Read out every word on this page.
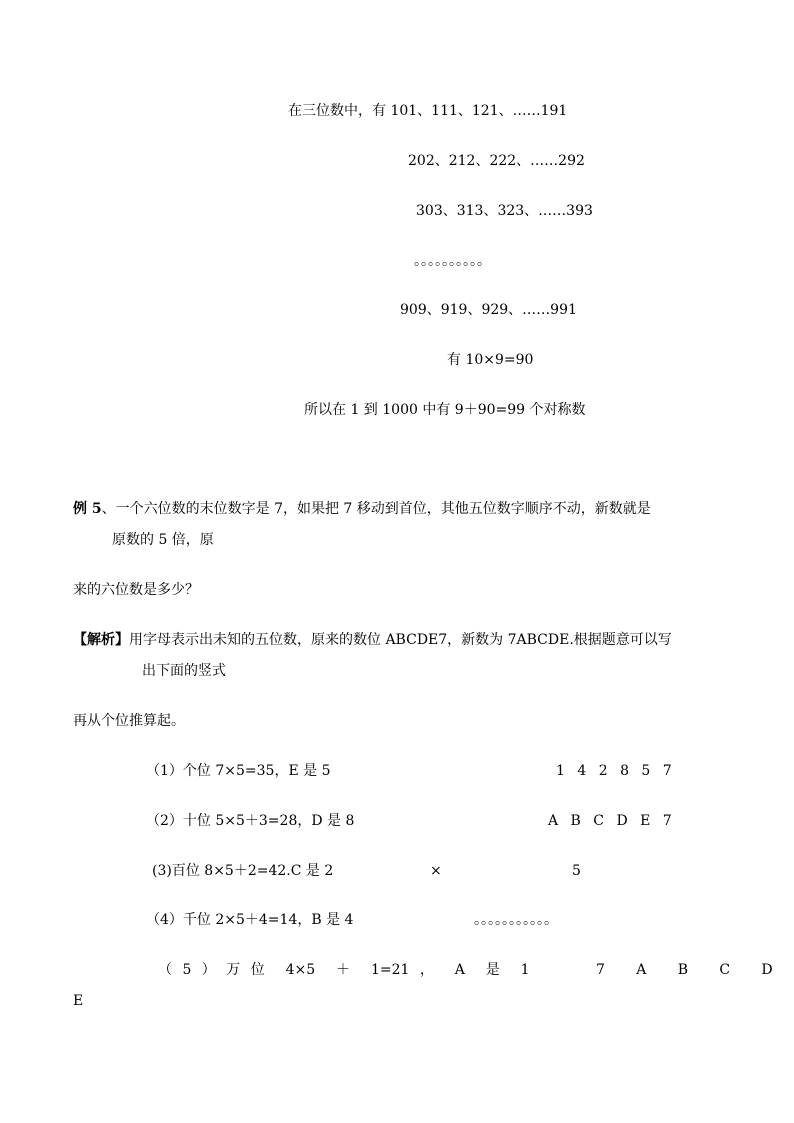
在三位数中，有 101、111、121、……191
202、212、222、……292
303、313、323、……393
。。。。。。。。。。
909、919、929、……991
有 10×9=90
所以在 1 到 1000 中有 9＋90=99 个对称数
例 5、一个六位数的末位数字是 7，如果把 7 移动到首位，其他五位数字顺序不动，新数就是
原数的 5 倍，原
来的六位数是多少？
【解析】用字母表示出未知的五位数，原来的数位 ABCDE7，新数为 7ABCDE.根据题意可以写
出下面的竖式
再从个位推算起。
（1）个位 7×5=35，E 是 5
（2）十位 5×5＋3=28，D 是 8
(3)百位 8×5＋2=42.C 是 2
（4）千位 2×5＋4=14，B 是 4
（ 5 ） 万 位  4×5  ＋  1=21 ，  A  是  1
1 4 2 8 5 7
A B C D E 7
×	5
。。。。。。。。。。。
7   A   B   C   D
E
